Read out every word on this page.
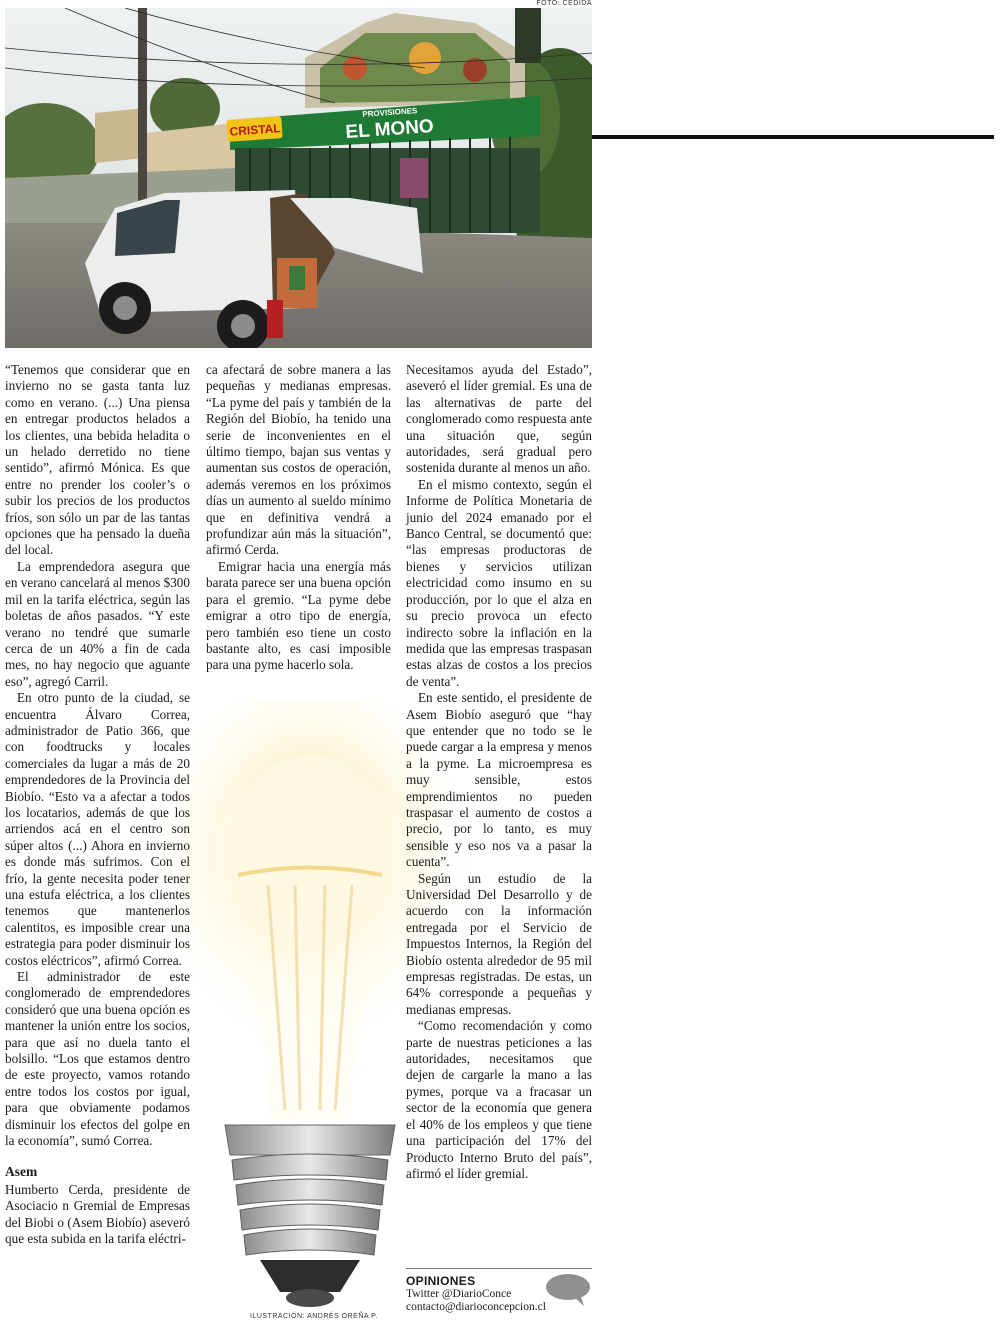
FOTO: CEDIDA
CRISTAL
PROVISIONES
EL MONO
ILUSTRACIÓN: ANDRÉS OREÑA P.

“Tenemos que considerar que en invierno no se gasta tanta luz como en verano. (...) Una piensa en entregar productos helados a los clientes, una bebida heladita o un helado derretido no tiene sentido”, afirmó Mónica. Es que entre no prender los cooler’s o subir los precios de los productos fríos, son sólo un par de las tantas opciones que ha pensado la dueña del local.

La emprendedora asegura que en verano cancelará al menos $300 mil en la tarifa eléctrica, según las boletas de años pasados. “Y este verano no tendré que sumarle cerca de un 40% a fin de cada mes, no hay negocio que aguante eso”, agregó Carril.

En otro punto de la ciudad, se encuentra Álvaro Correa, administrador de Patio 366, que con foodtrucks y locales comerciales da lugar a más de 20 emprendedores de la Provincia del Biobío. “Esto va a afectar a todos los locatarios, además de que los arriendos acá en el centro son súper altos (...) Ahora en invierno es donde más sufrimos. Con el frío, la gente necesita poder tener una estufa eléctrica, a los clientes tenemos que mantenerlos calentitos, es imposible crear una estrategia para poder disminuir los costos eléctricos”, afirmó Correa.

El administrador de este conglomerado de emprendedores consideró que una buena opción es mantener la unión entre los socios, para que así no duela tanto el bolsillo. “Los que estamos dentro de este proyecto, vamos rotando entre todos los costos por igual, para que obviamente podamos disminuir los efectos del golpe en la economía”, sumó Correa.

Asem

Humberto Cerda, presidente de Asociacio n Gremial de Empresas del Biobi o (Asem Biobío) aseveró que esta subida en la tarifa eléctri-

ca afectará de sobre manera a las pequeñas y medianas empresas. “La pyme del país y también de la Región del Biobío, ha tenido una serie de inconvenientes en el último tiempo, bajan sus ventas y aumentan sus costos de operación, además veremos en los próximos días un aumento al sueldo mínimo que en definitiva vendrá a profundizar aún más la situación”, afirmó Cerda.

Emigrar hacia una energía más barata parece ser una buena opción para el gremio. “La pyme debe emigrar a otro tipo de energía, pero también eso tiene un costo bastante alto, es casi imposible para una pyme hacerlo sola.

Necesitamos ayuda del Estado”, aseveró el líder gremial. Es una de las alternativas de parte del conglomerado como respuesta ante una situación que, según autoridades, será gradual pero sostenida durante al menos un año.

En el mismo contexto, según el Informe de Política Monetaria de junio del 2024 emanado por el Banco Central, se documentó que: “las empresas productoras de bienes y servicios utilizan electricidad como insumo en su producción, por lo que el alza en su precio provoca un efecto indirecto sobre la inflación en la medida que las empresas traspasan estas alzas de costos a los precios de venta”.

En este sentido, el presidente de Asem Biobío aseguró que “hay que entender que no todo se le puede cargar a la empresa y menos a la pyme. La microempresa es muy sensible, estos emprendimientos no pueden traspasar el aumento de costos a precio, por lo tanto, es muy sensible y eso nos va a pasar la cuenta”.

Según un estudio de la Universidad Del Desarrollo y de acuerdo con la información entregada por el Servicio de Impuestos Internos, la Región del Biobío ostenta alrededor de 95 mil empresas registradas. De estas, un 64% corresponde a pequeñas y medianas empresas.

“Como recomendación y como parte de nuestras peticiones a las autoridades, necesitamos que dejen de cargarle la mano a las pymes, porque va a fracasar un sector de la economía que genera el 40% de los empleos y que tiene una participación del 17% del Producto Interno Bruto del país”, afirmó el líder gremial.

OPINIONES
Twitter @DiarioConce
contacto@diarioconcepcion.cl
